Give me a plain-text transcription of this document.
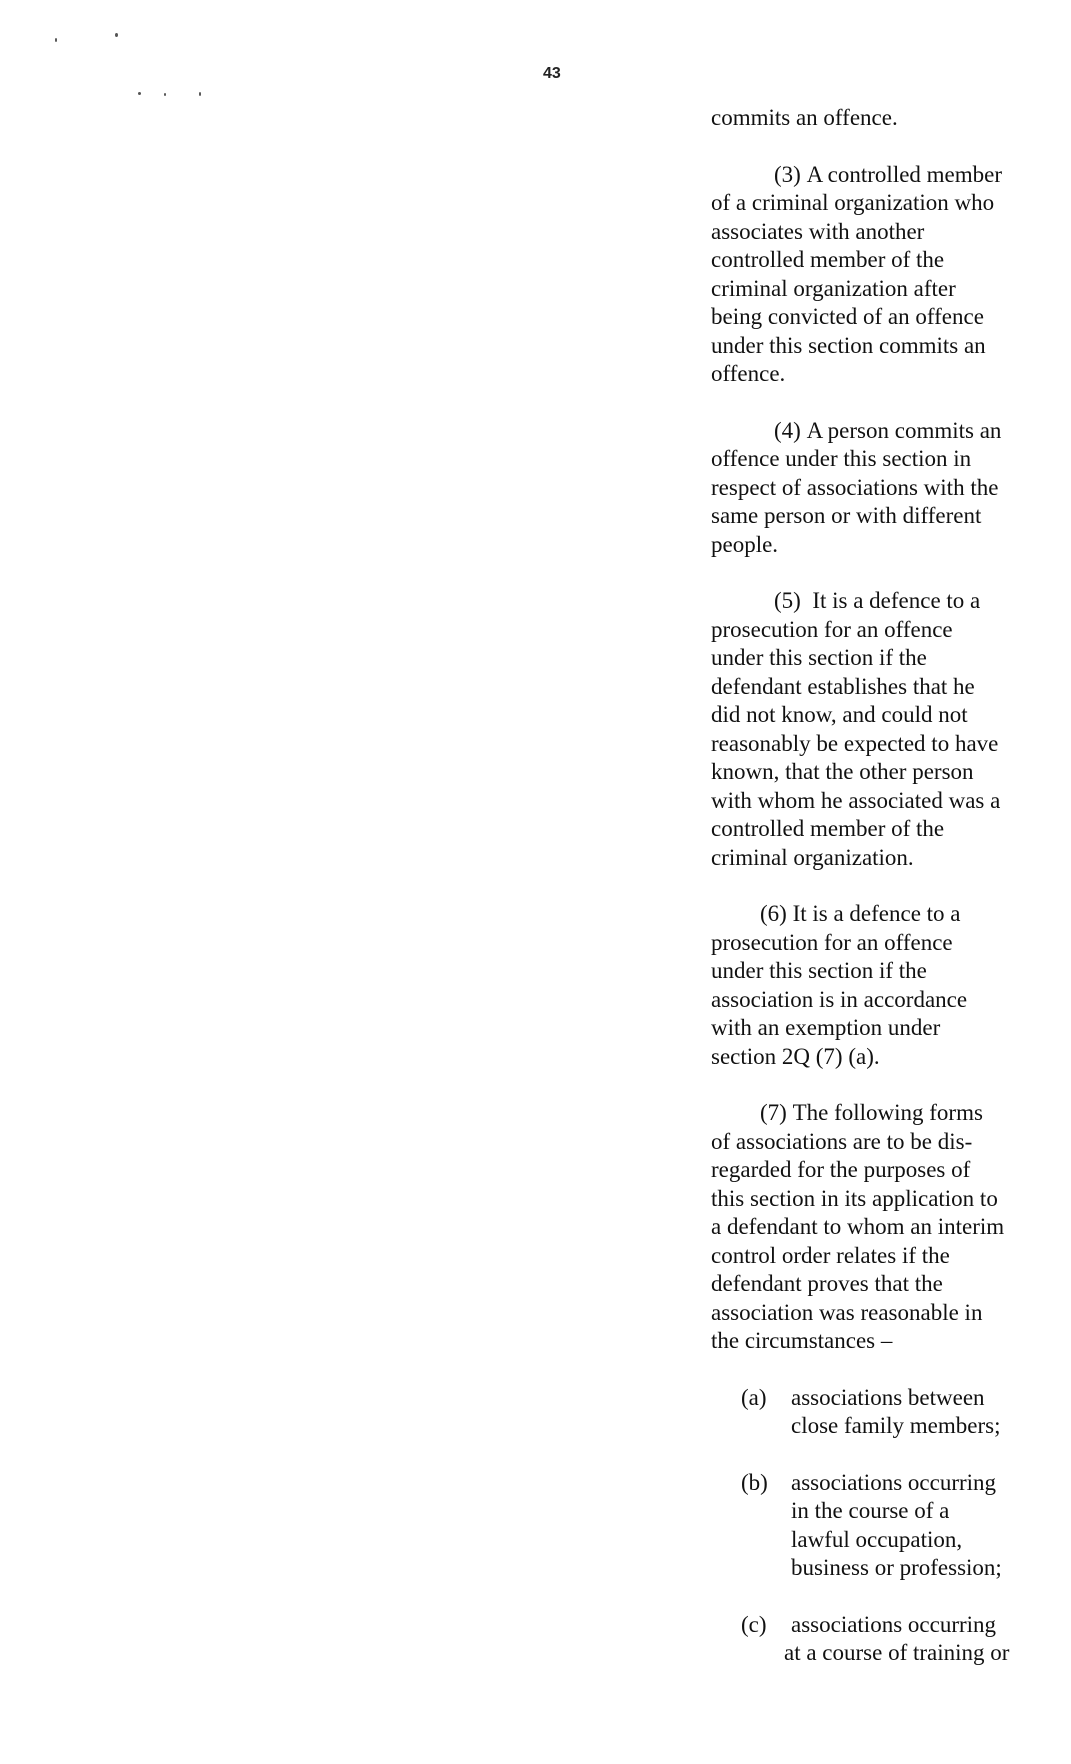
43

commits an offence.

(3) A controlled member
of a criminal organization who
associates with another
controlled member of the
criminal organization after
being convicted of an offence
under this section commits an
offence.

(4) A person commits an
offence under this section in
respect of associations with the
same person or with different
people.

(5)  It is a defence to a
prosecution for an offence
under this section if the
defendant establishes that he
did not know, and could not
reasonably be expected to have
known, that the other person
with whom he associated was a
controlled member of the
criminal organization.

(6) It is a defence to a
prosecution for an offence
under this section if the
association is in accordance
with an exemption under
section 2Q (7) (a).

(7) The following forms
of associations are to be dis-
regarded for the purposes of
this section in its application to
a defendant to whom an interim
control order relates if the
defendant proves that the
association was reasonable in
the circumstances –

(a) associations between
close family members;
(b) associations occurring
in the course of a
lawful occupation,
business or profession;
(c) associations occurring
at a course of training or
